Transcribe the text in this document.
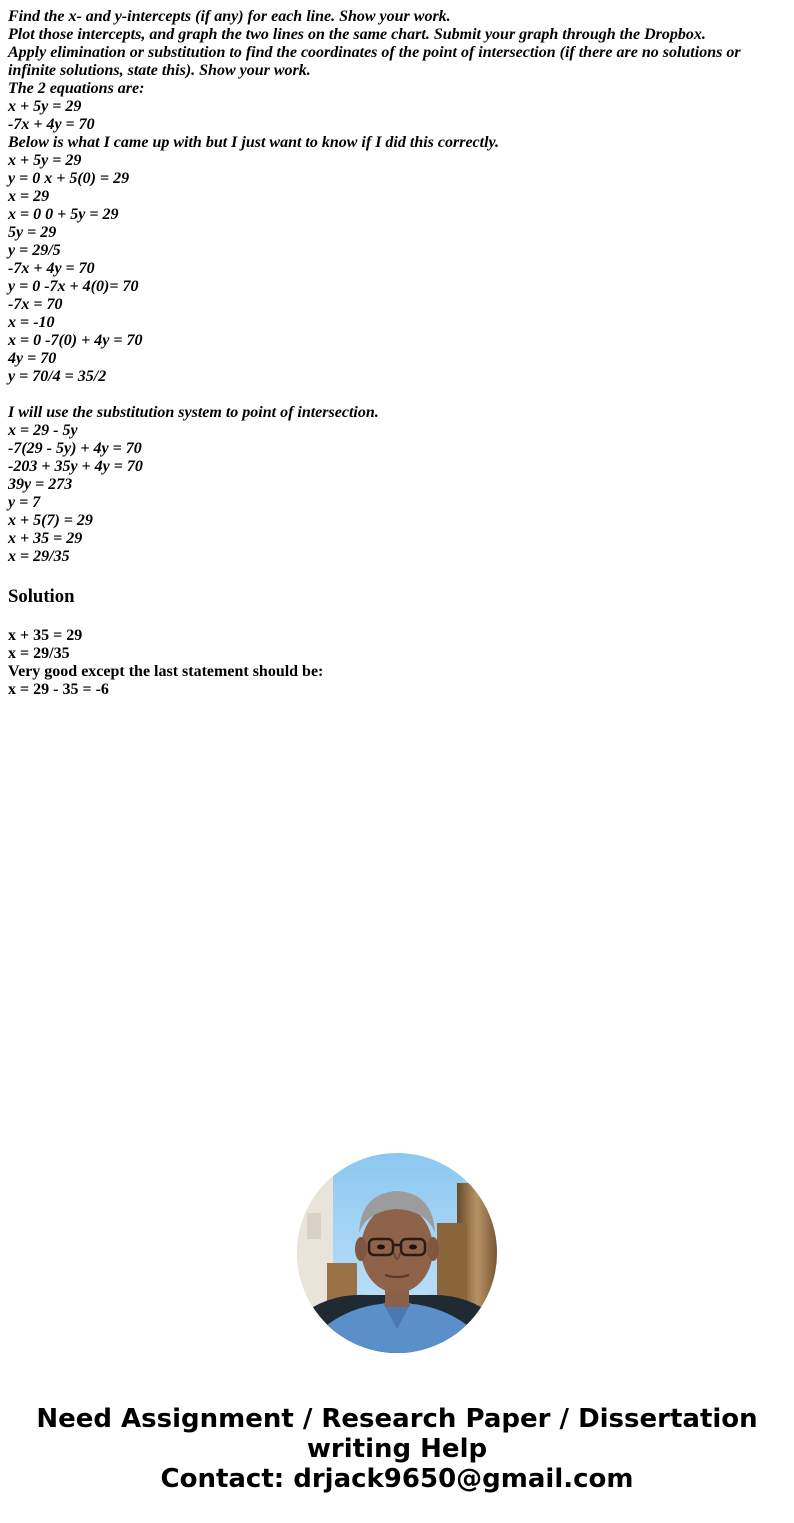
Find the x- and y-intercepts (if any) for each line. Show your work.
Plot those intercepts, and graph the two lines on the same chart. Submit your graph through the Dropbox.
Apply elimination or substitution to find the coordinates of the point of intersection (if there are no solutions or infinite solutions, state this). Show your work.
The 2 equations are:
x + 5y = 29
-7x + 4y = 70
Below is what I came up with but I just want to know if I did this correctly.
x + 5y = 29
y = 0 x + 5(0) = 29
x = 29
x = 0 0 + 5y = 29
5y = 29
y = 29/5
-7x + 4y = 70
y = 0 -7x + 4(0)= 70
-7x = 70
x = -10
x = 0 -7(0) + 4y = 70
4y = 70
y = 70/4 = 35/2
I will use the substitution system to point of intersection.
x = 29 - 5y
-7(29 - 5y) + 4y = 70
-203 + 35y + 4y = 70
39y = 273
y = 7
x + 5(7) = 29
x + 35 = 29
x = 29/35
Solution
x + 35 = 29
x = 29/35
Very good except the last statement should be:
x = 29 - 35 = -6
Need Assignment / Research Paper / Dissertation
writing Help
Contact: drjack9650@gmail.com
